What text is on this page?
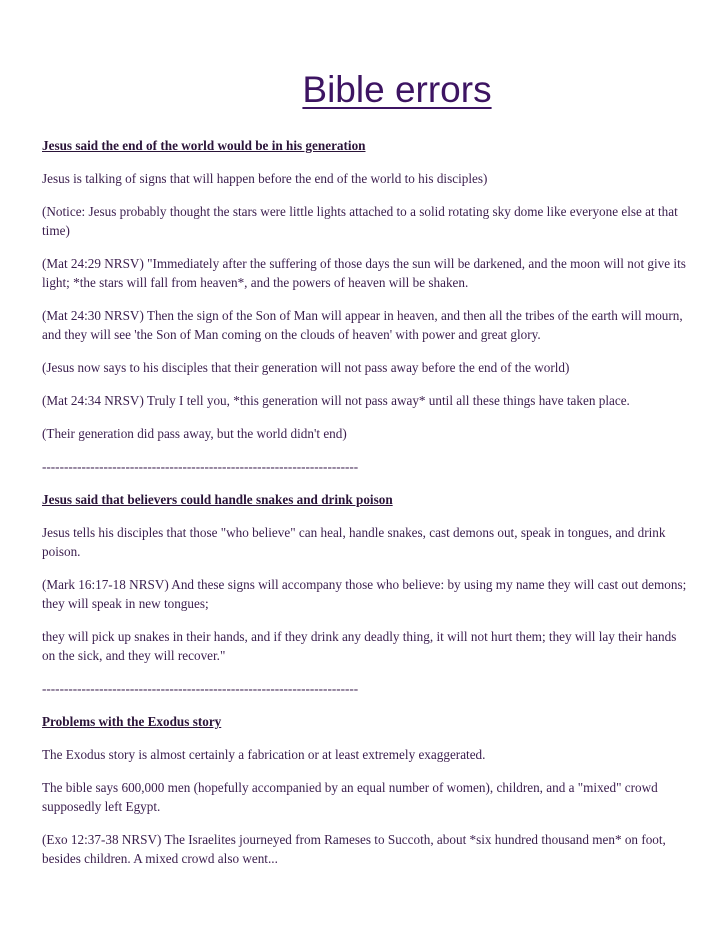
Bible errors
Jesus said the end of the world would be in his generation
Jesus is talking of signs that will happen before the end of the world to his disciples)
(Notice: Jesus probably thought the stars were little lights attached to a solid rotating sky dome like everyone else at that time)
(Mat 24:29 NRSV) "Immediately after the suffering of those days the sun will be darkened, and the moon will not give its light; *the stars will fall from heaven*, and the powers of heaven will be shaken.
(Mat 24:30 NRSV) Then the sign of the Son of Man will appear in heaven, and then all the tribes of the earth will mourn, and they will see 'the Son of Man coming on the clouds of heaven' with power and great glory.
(Jesus now says to his disciples that their generation will not pass away before the end of the world)
(Mat 24:34 NRSV) Truly I tell you, *this generation will not pass away* until all these things have taken place.
(Their generation did pass away, but the world didn't end)
------------------------------------------------------------------------
Jesus said that believers could handle snakes and drink poison
Jesus tells his disciples that those "who believe" can heal, handle snakes, cast demons out, speak in tongues, and drink poison.
(Mark 16:17-18 NRSV) And these signs will accompany those who believe: by using my name they will cast out demons; they will speak in new tongues;
they will pick up snakes in their hands, and if they drink any deadly thing, it will not hurt them; they will lay their hands on the sick, and they will recover."
------------------------------------------------------------------------
Problems with the Exodus story
The Exodus story is almost certainly a fabrication or at least extremely exaggerated.
The bible says 600,000 men (hopefully accompanied by an equal number of women), children, and a "mixed" crowd supposedly left Egypt.
(Exo 12:37-38 NRSV) The Israelites journeyed from Rameses to Succoth, about *six hundred thousand men* on foot, besides children. A mixed crowd also went...
